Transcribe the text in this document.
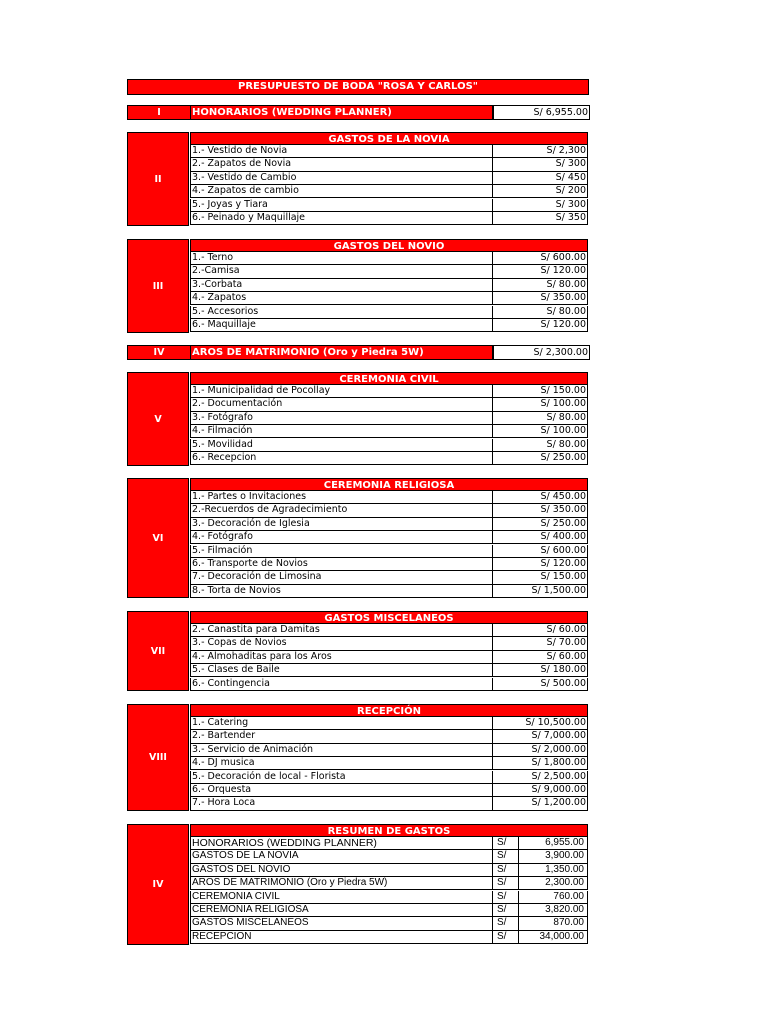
PRESUPUESTO DE BODA "ROSA Y CARLOS"
I	HONORARIOS (WEDDING PLANNER)	S/ 6,955.00
II
GASTOS DE LA NOVIA
1.- Vestido de Novia	S/ 2,300
2.- Zapatos de Novia	S/ 300
3.- Vestido de Cambio	S/ 450
4.- Zapatos de cambio	S/ 200
5.- Joyas y Tiara	S/ 300
6.- Peinado y Maquillaje	S/ 350
III
GASTOS DEL NOVIO
1.- Terno	S/ 600.00
2.-Camisa	S/ 120.00
3.-Corbata	S/ 80.00
4.- Zapatos	S/ 350.00
5.- Accesorios	S/ 80.00
6.- Maquillaje	S/ 120.00
IV	AROS DE MATRIMONIO (Oro y Piedra 5W)	S/ 2,300.00
V
CEREMONIA CIVIL
1.- Municipalidad de Pocollay	S/ 150.00
2.- Documentación	S/ 100.00
3.- Fotógrafo	S/ 80.00
4.- Filmación	S/ 100.00
5.- Movilidad	S/ 80.00
6.- Recepcion	S/ 250.00
VI
CEREMONIA RELIGIOSA
1.- Partes o Invitaciones	S/ 450.00
2.-Recuerdos de Agradecimiento	S/ 350.00
3.- Decoración de Iglesia	S/ 250.00
4.- Fotógrafo	S/ 400.00
5.- Filmación	S/ 600.00
6.- Transporte de Novios	S/ 120.00
7.- Decoración de Limosina	S/ 150.00
8.- Torta de Novios	S/ 1,500.00
VII
GASTOS MISCELANEOS
2.- Canastita para Damitas	S/ 60.00
3.- Copas de Novios	S/ 70.00
4.- Almohaditas para los Aros	S/ 60.00
5.- Clases de Baile	S/ 180.00
6.- Contingencia	S/ 500.00
VIII
RECEPCIÓN
1.- Catering	S/ 10,500.00
2.- Bartender	S/ 7,000.00
3.- Servicio de Animación	S/ 2,000.00
4.- DJ musica	S/ 1,800.00
5.- Decoración de local - Florista	S/ 2,500.00
6.- Orquesta	S/ 9,000.00
7.- Hora Loca	S/ 1,200.00
IV
RESUMEN DE GASTOS
HONORARIOS (WEDDING PLANNER)	S/	6,955.00
GASTOS DE LA NOVIA	S/	3,900.00
GASTOS DEL NOVIO	S/	1,350.00
AROS DE MATRIMONIO (Oro y Piedra 5W)	S/	2,300.00
CEREMONIA CIVIL	S/	760.00
CEREMONIA RELIGIOSA	S/	3,820.00
GASTOS MISCELANEOS	S/	870.00
RECEPCION	S/	34,000.00
